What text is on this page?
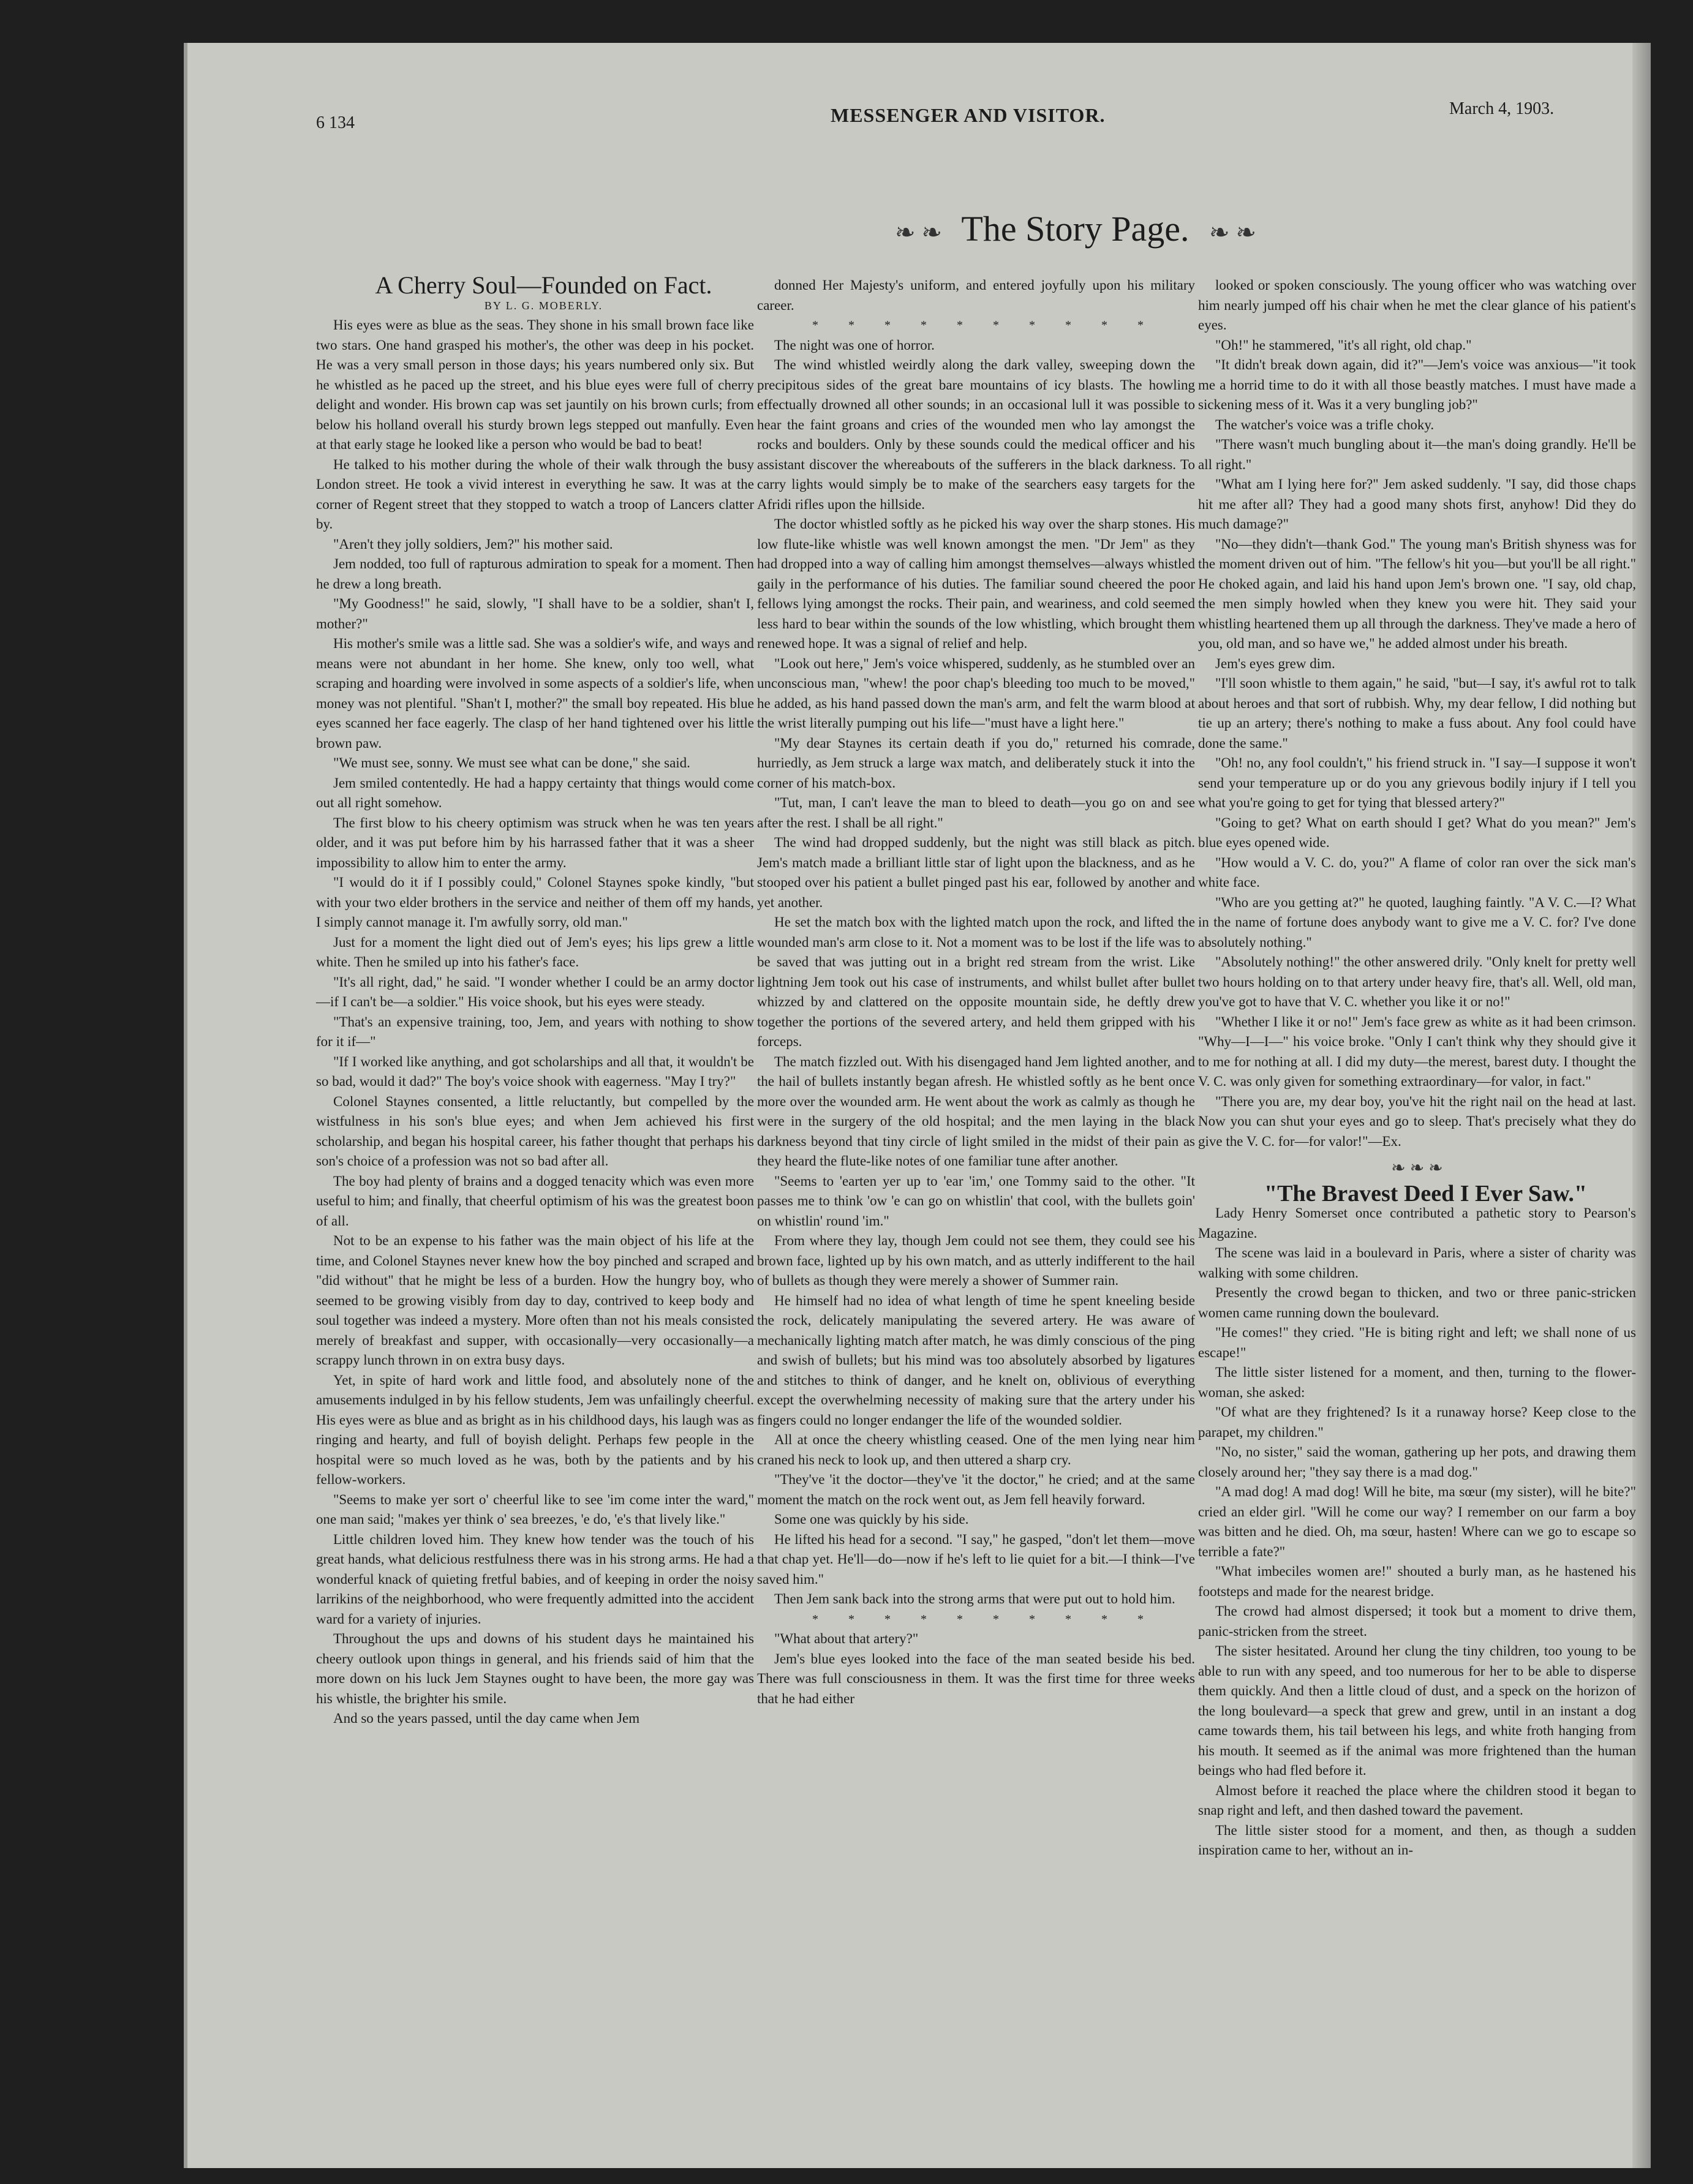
6 134	MESSENGER AND VISITOR.	March 4, 1903.
❧ ❧ The Story Page. ❧ ❧

A Cherry Soul—Founded on Fact.

BY L. G. MOBERLY.

His eyes were as blue as the seas. They shone in his small brown face like two stars. One hand grasped his mother's, the other was deep in his pocket. He was a very small person in those days; his years numbered only six. But he whistled as he paced up the street, and his blue eyes were full of cherry delight and wonder. His brown cap was set jauntily on his brown curls; from below his holland overall his sturdy brown legs stepped out manfully. Even at that early stage he looked like a person who would be bad to beat!

He talked to his mother during the whole of their walk through the busy London street. He took a vivid interest in everything he saw. It was at the corner of Regent street that they stopped to watch a troop of Lancers clatter by.

"Aren't they jolly soldiers, Jem?" his mother said.

Jem nodded, too full of rapturous admiration to speak for a moment. Then he drew a long breath.

"My Goodness!" he said, slowly, "I shall have to be a soldier, shan't I, mother?"

His mother's smile was a little sad. She was a soldier's wife, and ways and means were not abundant in her home. She knew, only too well, what scraping and hoarding were involved in some aspects of a soldier's life, when money was not plentiful. "Shan't I, mother?" the small boy repeated. His blue eyes scanned her face eagerly. The clasp of her hand tightened over his little brown paw.

"We must see, sonny. We must see what can be done," she said.

Jem smiled contentedly. He had a happy certainty that things would come out all right somehow.

The first blow to his cheery optimism was struck when he was ten years older, and it was put before him by his harrassed father that it was a sheer impossibility to allow him to enter the army.

"I would do it if I possibly could," Colonel Staynes spoke kindly, "but with your two elder brothers in the service and neither of them off my hands, I simply cannot manage it. I'm awfully sorry, old man."

Just for a moment the light died out of Jem's eyes; his lips grew a little white. Then he smiled up into his father's face.

"It's all right, dad," he said. "I wonder whether I could be an army doctor—if I can't be—a soldier." His voice shook, but his eyes were steady.

"That's an expensive training, too, Jem, and years with nothing to show for it if—"

"If I worked like anything, and got scholarships and all that, it wouldn't be so bad, would it dad?" The boy's voice shook with eagerness. "May I try?"

Colonel Staynes consented, a little reluctantly, but compelled by the wistfulness in his son's blue eyes; and when Jem achieved his first scholarship, and began his hospital career, his father thought that perhaps his son's choice of a profession was not so bad after all.

The boy had plenty of brains and a dogged tenacity which was even more useful to him; and finally, that cheerful optimism of his was the greatest boon of all.

Not to be an expense to his father was the main object of his life at the time, and Colonel Staynes never knew how the boy pinched and scraped and "did without" that he might be less of a burden. How the hungry boy, who seemed to be growing visibly from day to day, contrived to keep body and soul together was indeed a mystery. More often than not his meals consisted merely of breakfast and supper, with occasionally—very occasionally—a scrappy lunch thrown in on extra busy days.

Yet, in spite of hard work and little food, and absolutely none of the amusements indulged in by his fellow students, Jem was unfailingly cheerful. His eyes were as blue and as bright as in his childhood days, his laugh was as ringing and hearty, and full of boyish delight. Perhaps few people in the hospital were so much loved as he was, both by the patients and by his fellow-workers.

"Seems to make yer sort o' cheerful like to see 'im come inter the ward," one man said; "makes yer think o' sea breezes, 'e do, 'e's that lively like."

Little children loved him. They knew how tender was the touch of his great hands, what delicious restfulness there was in his strong arms. He had a wonderful knack of quieting fretful babies, and of keeping in order the noisy larrikins of the neighborhood, who were frequently admitted into the accident ward for a variety of injuries.

Throughout the ups and downs of his student days he maintained his cheery outlook upon things in general, and his friends said of him that the more down on his luck Jem Staynes ought to have been, the more gay was his whistle, the brighter his smile.

And so the years passed, until the day came when Jem

donned Her Majesty's uniform, and entered joyfully upon his military career.

* * * * * * * * * *

The night was one of horror.

The wind whistled weirdly along the dark valley, sweeping down the precipitous sides of the great bare mountains of icy blasts. The howling effectually drowned all other sounds; in an occasional lull it was possible to hear the faint groans and cries of the wounded men who lay amongst the rocks and boulders. Only by these sounds could the medical officer and his assistant discover the whereabouts of the sufferers in the black darkness. To carry lights would simply be to make of the searchers easy targets for the Afridi rifles upon the hillside.

The doctor whistled softly as he picked his way over the sharp stones. His low flute-like whistle was well known amongst the men. "Dr Jem" as they had dropped into a way of calling him amongst themselves—always whistled gaily in the performance of his duties. The familiar sound cheered the poor fellows lying amongst the rocks. Their pain, and weariness, and cold seemed less hard to bear within the sounds of the low whistling, which brought them renewed hope. It was a signal of relief and help.

"Look out here," Jem's voice whispered, suddenly, as he stumbled over an unconscious man, "whew! the poor chap's bleeding too much to be moved," he added, as his hand passed down the man's arm, and felt the warm blood at the wrist literally pumping out his life—"must have a light here."

"My dear Staynes its certain death if you do," returned his comrade, hurriedly, as Jem struck a large wax match, and deliberately stuck it into the corner of his match-box.

"Tut, man, I can't leave the man to bleed to death—you go on and see after the rest. I shall be all right."

The wind had dropped suddenly, but the night was still black as pitch. Jem's match made a brilliant little star of light upon the blackness, and as he stooped over his patient a bullet pinged past his ear, followed by another and yet another.

He set the match box with the lighted match upon the rock, and lifted the wounded man's arm close to it. Not a moment was to be lost if the life was to be saved that was jutting out in a bright red stream from the wrist. Like lightning Jem took out his case of instruments, and whilst bullet after bullet whizzed by and clattered on the opposite mountain side, he deftly drew together the portions of the severed artery, and held them gripped with his forceps.

The match fizzled out. With his disengaged hand Jem lighted another, and the hail of bullets instantly began afresh. He whistled softly as he bent once more over the wounded arm. He went about the work as calmly as though he were in the surgery of the old hospital; and the men laying in the black darkness beyond that tiny circle of light smiled in the midst of their pain as they heard the flute-like notes of one familiar tune after another.

"Seems to 'earten yer up to 'ear 'im,' one Tommy said to the other. "It passes me to think 'ow 'e can go on whistlin' that cool, with the bullets goin' on whistlin' round 'im."

From where they lay, though Jem could not see them, they could see his brown face, lighted up by his own match, and as utterly indifferent to the hail of bullets as though they were merely a shower of Summer rain.

He himself had no idea of what length of time he spent kneeling beside the rock, delicately manipulating the severed artery. He was aware of mechanically lighting match after match, he was dimly conscious of the ping and swish of bullets; but his mind was too absolutely absorbed by ligatures and stitches to think of danger, and he knelt on, oblivious of everything except the overwhelming necessity of making sure that the artery under his fingers could no longer endanger the life of the wounded soldier.

All at once the cheery whistling ceased. One of the men lying near him craned his neck to look up, and then uttered a sharp cry.

"They've 'it the doctor—they've 'it the doctor," he cried; and at the same moment the match on the rock went out, as Jem fell heavily forward.

Some one was quickly by his side.

He lifted his head for a second. "I say," he gasped, "don't let them—move that chap yet. He'll—do—now if he's left to lie quiet for a bit.—I think—I've saved him."

Then Jem sank back into the strong arms that were put out to hold him.

* * * * * * * * * *

"What about that artery?"

Jem's blue eyes looked into the face of the man seated beside his bed. There was full consciousness in them. It was the first time for three weeks that he had either

looked or spoken consciously. The young officer who was watching over him nearly jumped off his chair when he met the clear glance of his patient's eyes.

"Oh!" he stammered, "it's all right, old chap."

"It didn't break down again, did it?"—Jem's voice was anxious—"it took me a horrid time to do it with all those beastly matches. I must have made a sickening mess of it. Was it a very bungling job?"

The watcher's voice was a trifle choky.

"There wasn't much bungling about it—the man's doing grandly. He'll be all right."

"What am I lying here for?" Jem asked suddenly. "I say, did those chaps hit me after all? They had a good many shots first, anyhow! Did they do much damage?"

"No—they didn't—thank God." The young man's British shyness was for the moment driven out of him. "The fellow's hit you—but you'll be all right." He choked again, and laid his hand upon Jem's brown one. "I say, old chap, the men simply howled when they knew you were hit. They said your whistling heartened them up all through the darkness. They've made a hero of you, old man, and so have we," he added almost under his breath.

Jem's eyes grew dim.

"I'll soon whistle to them again," he said, "but—I say, it's awful rot to talk about heroes and that sort of rubbish. Why, my dear fellow, I did nothing but tie up an artery; there's nothing to make a fuss about. Any fool could have done the same."

"Oh! no, any fool couldn't," his friend struck in. "I say—I suppose it won't send your temperature up or do you any grievous bodily injury if I tell you what you're going to get for tying that blessed artery?"

"Going to get? What on earth should I get? What do you mean?" Jem's blue eyes opened wide.

"How would a V. C. do, you?" A flame of color ran over the sick man's white face.

"Who are you getting at?" he quoted, laughing faintly. "A V. C.—I? What in the name of fortune does anybody want to give me a V. C. for? I've done absolutely nothing."

"Absolutely nothing!" the other answered drily. "Only knelt for pretty well two hours holding on to that artery under heavy fire, that's all. Well, old man, you've got to have that V. C. whether you like it or no!"

"Whether I like it or no!" Jem's face grew as white as it had been crimson. "Why—I—I—" his voice broke. "Only I can't think why they should give it to me for nothing at all. I did my duty—the merest, barest duty. I thought the V. C. was only given for something extraordinary—for valor, in fact."

"There you are, my dear boy, you've hit the right nail on the head at last. Now you can shut your eyes and go to sleep. That's precisely what they do give the V. C. for—for valor!"—Ex.

❧ ❧ ❧

"The Bravest Deed I Ever Saw."

Lady Henry Somerset once contributed a pathetic story to Pearson's Magazine.

The scene was laid in a boulevard in Paris, where a sister of charity was walking with some children.

Presently the crowd began to thicken, and two or three panic-stricken women came running down the boulevard.

"He comes!" they cried. "He is biting right and left; we shall none of us escape!"

The little sister listened for a moment, and then, turning to the flower-woman, she asked:

"Of what are they frightened? Is it a runaway horse? Keep close to the parapet, my children."

"No, no sister," said the woman, gathering up her pots, and drawing them closely around her; "they say there is a mad dog."

"A mad dog! A mad dog! Will he bite, ma sœur (my sister), will he bite?" cried an elder girl. "Will he come our way? I remember on our farm a boy was bitten and he died. Oh, ma sœur, hasten! Where can we go to escape so terrible a fate?"

"What imbeciles women are!" shouted a burly man, as he hastened his footsteps and made for the nearest bridge.

The crowd had almost dispersed; it took but a moment to drive them, panic-stricken from the street.

The sister hesitated. Around her clung the tiny children, too young to be able to run with any speed, and too numerous for her to be able to disperse them quickly. And then a little cloud of dust, and a speck on the horizon of the long boulevard—a speck that grew and grew, until in an instant a dog came towards them, his tail between his legs, and white froth hanging from his mouth. It seemed as if the animal was more frightened than the human beings who had fled before it.

Almost before it reached the place where the children stood it began to snap right and left, and then dashed toward the pavement.

The little sister stood for a moment, and then, as though a sudden inspiration came to her, without an in-
